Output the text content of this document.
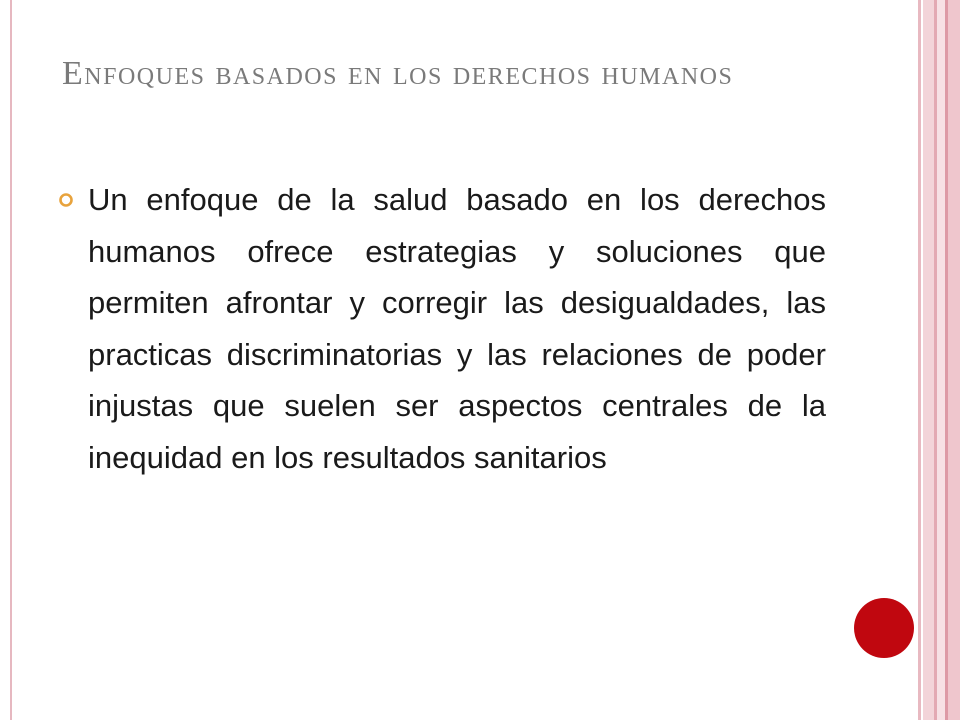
Enfoques basados en los derechos humanos
Un enfoque de la salud basado en los derechos humanos ofrece estrategias y soluciones que permiten afrontar y corregir las desigualdades, las practicas discriminatorias y las relaciones de poder injustas que suelen ser aspectos centrales de la inequidad en los resultados sanitarios
